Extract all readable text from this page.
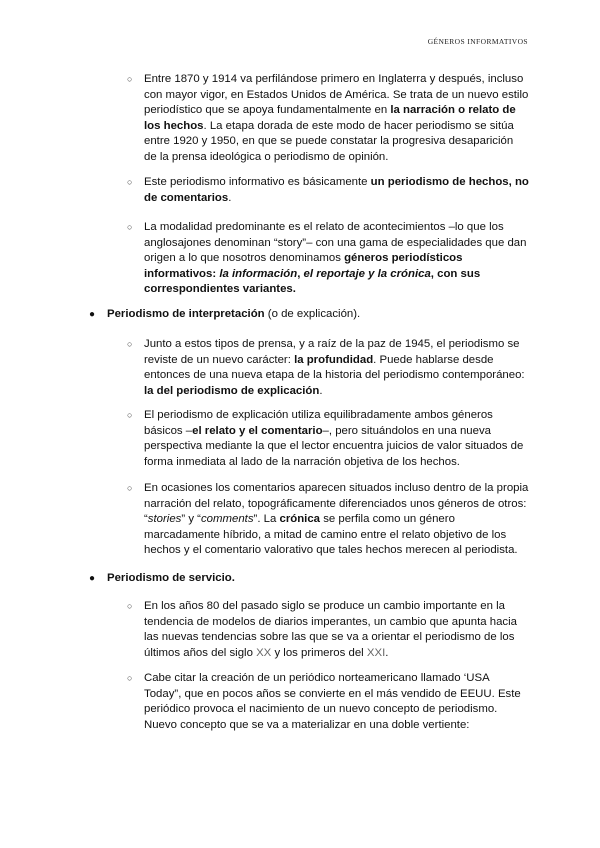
GÉNEROS INFORMATIVOS
○ Entre 1870 y 1914 va perfilándose primero en Inglaterra y después, incluso con mayor vigor, en Estados Unidos de América. Se trata de un nuevo estilo periodístico que se apoya fundamentalmente en la narración o relato de los hechos. La etapa dorada de este modo de hacer periodismo se sitúa entre 1920 y 1950, en que se puede constatar la progresiva desaparición de la prensa ideológica o periodismo de opinión.
○ Este periodismo informativo es básicamente un periodismo de hechos, no de comentarios.
○ La modalidad predominante es el relato de acontecimientos –lo que los anglosajones denominan “story”– con una gama de especialidades que dan origen a lo que nosotros denominamos géneros periodísticos informativos: la información, el reportaje y la crónica, con sus correspondientes variantes.
● Periodismo de interpretación (o de explicación).
○ Junto a estos tipos de prensa, y a raíz de la paz de 1945, el periodismo se reviste de un nuevo carácter: la profundidad. Puede hablarse desde entonces de una nueva etapa de la historia del periodismo contemporáneo: la del periodismo de explicación.
○ El periodismo de explicación utiliza equilibradamente ambos géneros básicos –el relato y el comentario–, pero situándolos en una nueva perspectiva mediante la que el lector encuentra juicios de valor situados de forma inmediata al lado de la narración objetiva de los hechos.
○ En ocasiones los comentarios aparecen situados incluso dentro de la propia narración del relato, topográficamente diferenciados unos géneros de otros: “stories” y “comments”. La crónica se perfila como un género marcadamente híbrido, a mitad de camino entre el relato objetivo de los hechos y el comentario valorativo que tales hechos merecen al periodista.
● Periodismo de servicio.
○ En los años 80 del pasado siglo se produce un cambio importante en la tendencia de modelos de diarios imperantes, un cambio que apunta hacia las nuevas tendencias sobre las que se va a orientar el periodismo de los últimos años del siglo XX y los primeros del XXI.
○ Cabe citar la creación de un periódico norteamericano llamado ‘USA Today”, que en pocos años se convierte en el más vendido de EEUU. Este periódico provoca el nacimiento de un nuevo concepto de periodismo. Nuevo concepto que se va a materializar en una doble vertiente:
